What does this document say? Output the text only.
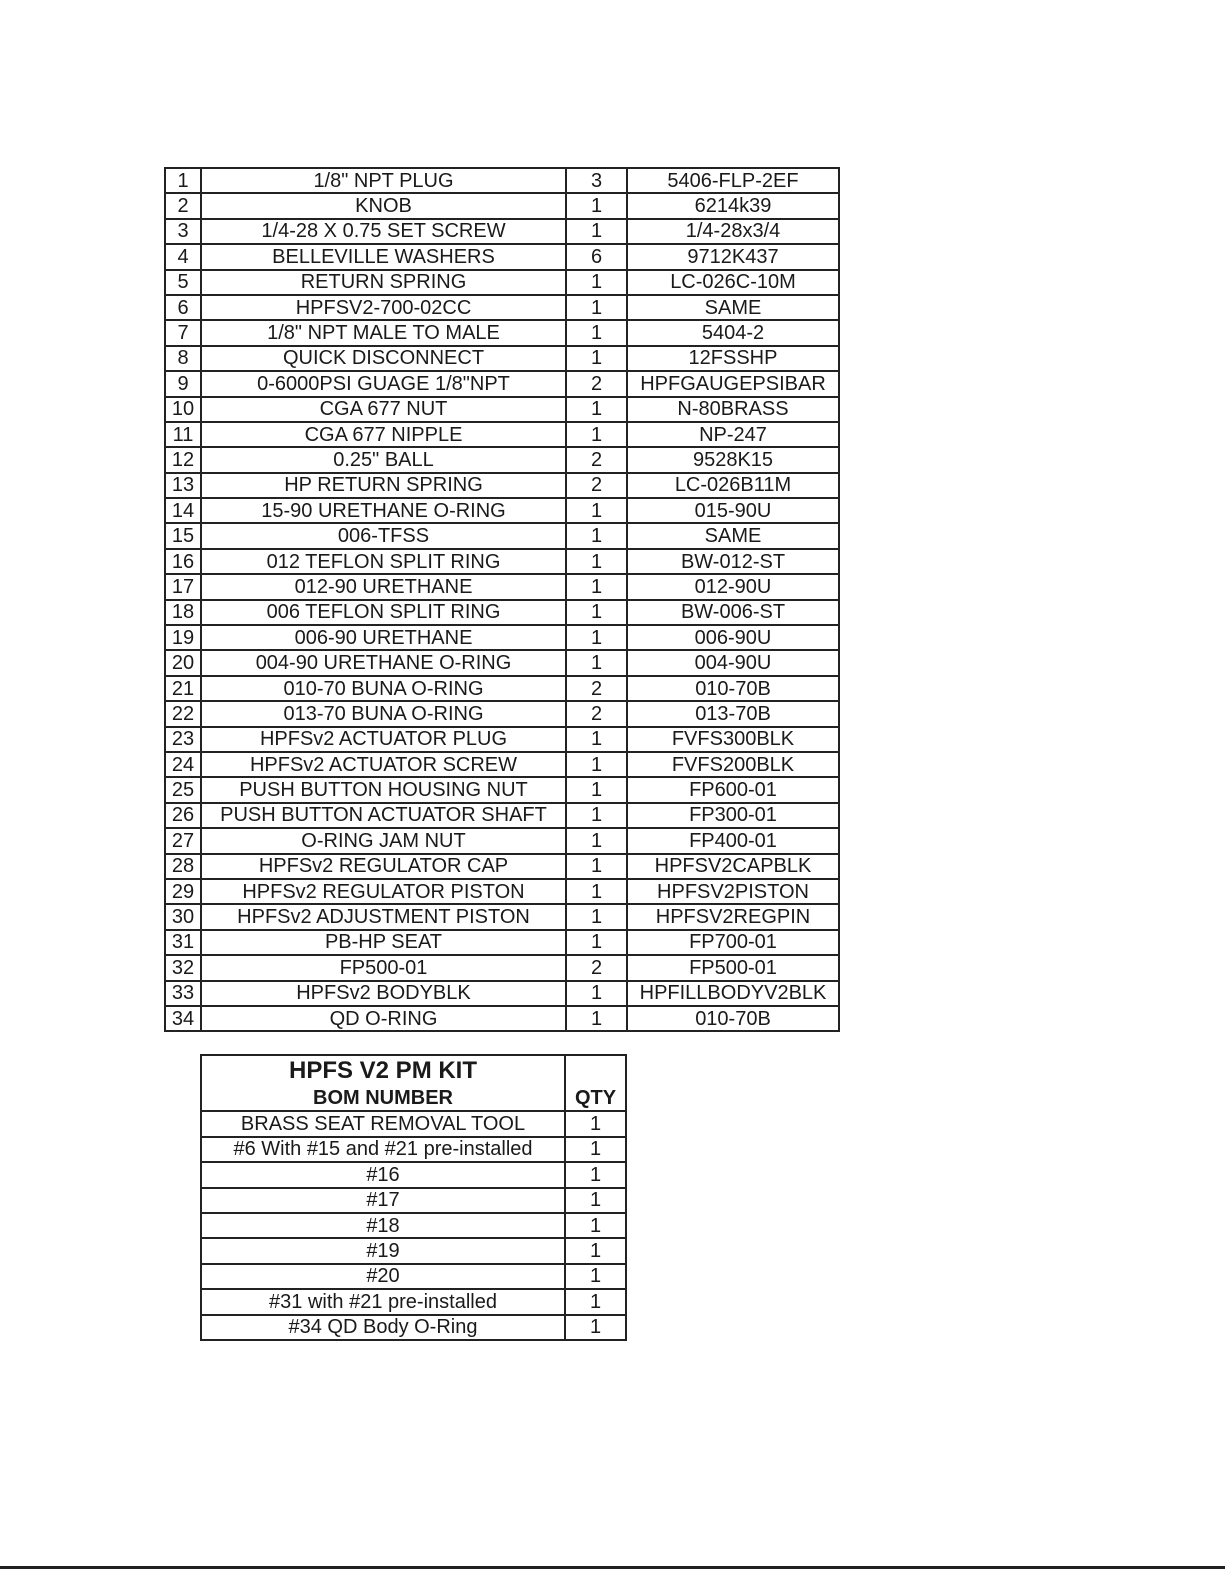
1	1/8" NPT PLUG	3	5406-FLP-2EF
2	KNOB	1	6214k39
3	1/4-28 X 0.75 SET SCREW	1	1/4-28x3/4
4	BELLEVILLE WASHERS	6	9712K437
5	RETURN SPRING	1	LC-026C-10M
6	HPFSV2-700-02CC	1	SAME
7	1/8" NPT MALE TO MALE	1	5404-2
8	QUICK DISCONNECT	1	12FSSHP
9	0-6000PSI GUAGE 1/8"NPT	2	HPFGAUGEPSIBAR
10	CGA 677 NUT	1	N-80BRASS
11	CGA 677 NIPPLE	1	NP-247
12	0.25" BALL	2	9528K15
13	HP RETURN SPRING	2	LC-026B11M
14	15-90 URETHANE O-RING	1	015-90U
15	006-TFSS	1	SAME
16	012 TEFLON SPLIT RING	1	BW-012-ST
17	012-90 URETHANE	1	012-90U
18	006 TEFLON SPLIT RING	1	BW-006-ST
19	006-90 URETHANE	1	006-90U
20	004-90 URETHANE O-RING	1	004-90U
21	010-70 BUNA O-RING	2	010-70B
22	013-70 BUNA O-RING	2	013-70B
23	HPFSv2 ACTUATOR PLUG	1	FVFS300BLK
24	HPFSv2 ACTUATOR SCREW	1	FVFS200BLK
25	PUSH BUTTON HOUSING NUT	1	FP600-01
26	PUSH BUTTON ACTUATOR SHAFT	1	FP300-01
27	O-RING JAM NUT	1	FP400-01
28	HPFSv2 REGULATOR CAP	1	HPFSV2CAPBLK
29	HPFSv2 REGULATOR PISTON	1	HPFSV2PISTON
30	HPFSv2 ADJUSTMENT PISTON	1	HPFSV2REGPIN
31	PB-HP SEAT	1	FP700-01
32	FP500-01	2	FP500-01
33	HPFSv2 BODYBLK	1	HPFILLBODYV2BLK
34	QD O-RING	1	010-70B
HPFS V2 PM KIT	
BOM NUMBER	QTY
BRASS SEAT REMOVAL TOOL	1
#6 With #15 and #21 pre-installed	1
#16	1
#17	1
#18	1
#19	1
#20	1
#31 with #21 pre-installed	1
#34 QD Body O-Ring	1
